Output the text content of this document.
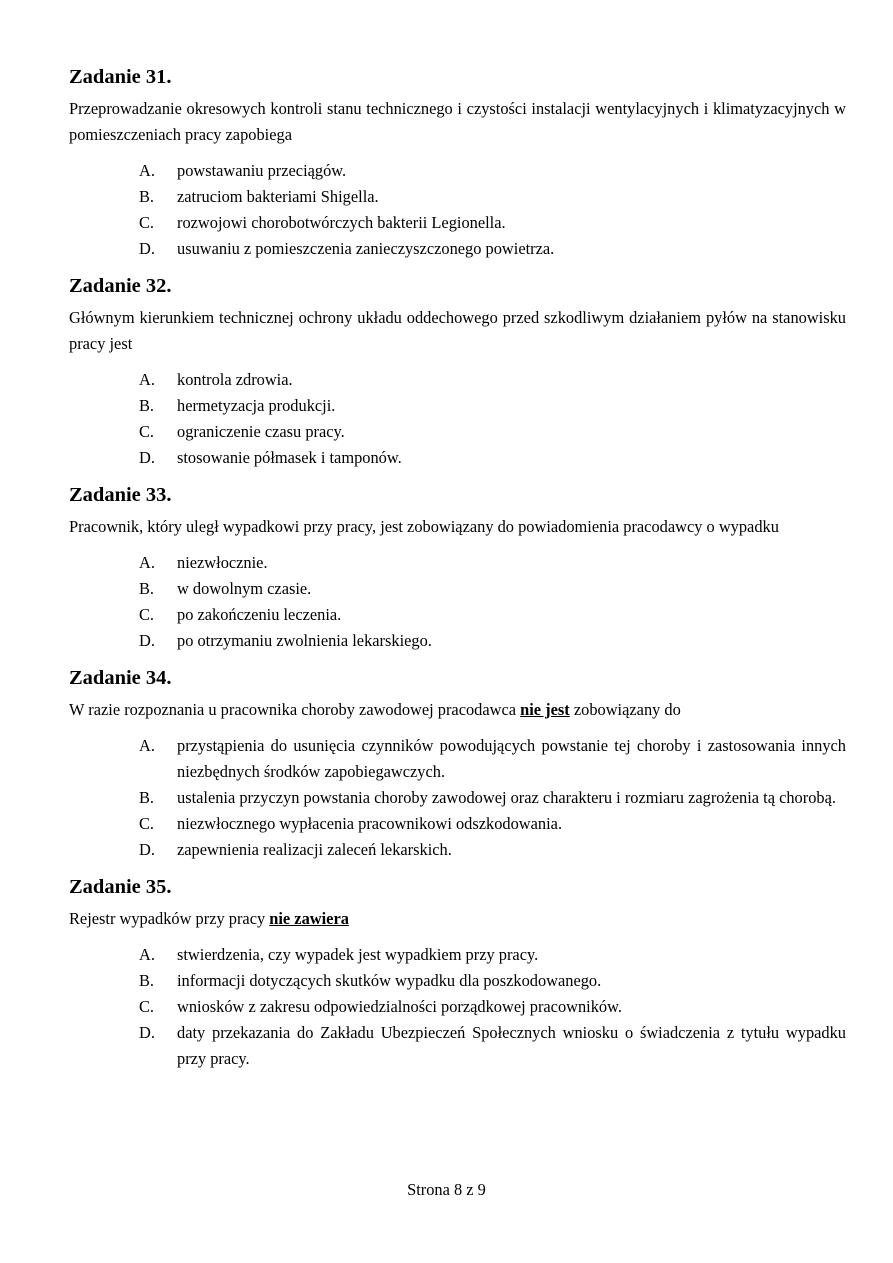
Zadanie 31.

Przeprowadzanie okresowych kontroli stanu technicznego i czystości instalacji wentylacyjnych i klimatyzacyjnych w pomieszczeniach pracy zapobiega

A.	powstawaniu przeciągów.
B.	zatruciom bakteriami Shigella.
C.	rozwojowi chorobotwórczych bakterii Legionella.
D.	usuwaniu z pomieszczenia zanieczyszczonego powietrza.
Zadanie 32.

Głównym kierunkiem technicznej ochrony układu oddechowego przed szkodliwym działaniem pyłów na stanowisku pracy jest

A.	kontrola zdrowia.
B.	hermetyzacja produkcji.
C.	ograniczenie czasu pracy.
D.	stosowanie półmasek i tamponów.
Zadanie 33.

Pracownik, który uległ wypadkowi przy pracy, jest zobowiązany do powiadomienia pracodawcy o wypadku

A.	niezwłocznie.
B.	w dowolnym czasie.
C.	po zakończeniu leczenia.
D.	po otrzymaniu zwolnienia lekarskiego.
Zadanie 34.

W razie rozpoznania u pracownika choroby zawodowej pracodawca nie jest zobowiązany do

A.	przystąpienia do usunięcia czynników powodujących powstanie tej choroby i zastosowania innych niezbędnych środków zapobiegawczych.
B.	ustalenia przyczyn powstania choroby zawodowej oraz charakteru i rozmiaru zagrożenia tą chorobą.
C.	niezwłocznego wypłacenia pracownikowi odszkodowania.
D.	zapewnienia realizacji zaleceń lekarskich.
Zadanie 35.

Rejestr wypadków przy pracy nie zawiera

A.	stwierdzenia, czy wypadek jest wypadkiem przy pracy.
B.	informacji dotyczących skutków wypadku dla poszkodowanego.
C.	wniosków z zakresu odpowiedzialności porządkowej pracowników.
D.	daty przekazania do Zakładu Ubezpieczeń Społecznych wniosku o świadczenia z tytułu wypadku przy pracy.
Strona 8 z 9
